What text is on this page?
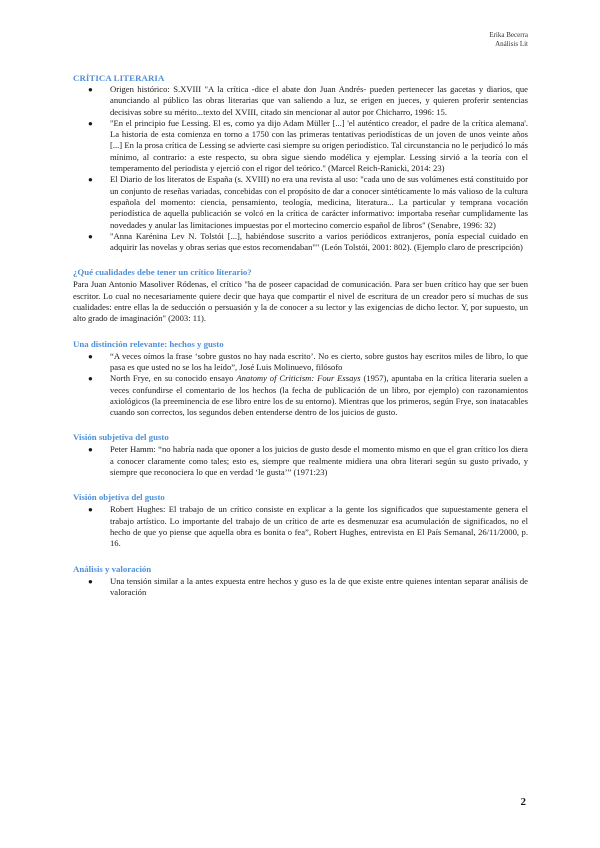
Erika Becerra
Análisis Lit
CRÍTICA LITERARIA
● Origen histórico: S.XVIII "A la crítica -dice el abate don Juan Andrés- pueden pertenecer las gacetas y diarios, que anunciando al público las obras literarias que van saliendo a luz, se erigen en jueces, y quieren proferir sentencias decisivas sobre su mérito...texto del XVIII, citado sin mencionar al autor por Chicharro, 1996: 15.
● "En el principio fue Lessing. El es, como ya dijo Adam Müller [...] 'el auténtico creador, el padre de la crítica alemana'. La historia de esta comienza en torno a 1750 con las primeras tentativas periodísticas de un joven de unos veinte años [...] En la prosa crítica de Lessing se advierte casi siempre su origen periodístico. Tal circunstancia no le perjudicó lo más mínimo, al contrario: a este respecto, su obra sigue siendo modélica y ejemplar. Lessing sirvió a la teoría con el temperamento del periodista y ejerció con el rigor del teórico." (Marcel Reich-Ranicki, 2014: 23)
● El Diario de los literatos de España (s. XVIII) no era una revista al uso: "cada uno de sus volúmenes está constituido por un conjunto de reseñas variadas, concebidas con el propósito de dar a conocer sintéticamente lo más valioso de la cultura española del momento: ciencia, pensamiento, teología, medicina, literatura... La particular y temprana vocación periodística de aquella publicación se volcó en la crítica de carácter informativo: importaba reseñar cumplidamente las novedades y anular las limitaciones impuestas por el mortecino comercio español de libros" (Senabre, 1996: 32)
● "Anna Karénina Lev N. Tolstói [...], habiéndose suscrito a varios periódicos extranjeros, ponía especial cuidado en adquirir las novelas y obras serias que estos recomendaban"" (León Tolstói, 2001: 802). (Ejemplo claro de prescripción)
¿Qué cualidades debe tener un crítico literario?

Para Juan Antonio Masoliver Ródenas, el crítico "ha de poseer capacidad de comunicación. Para ser buen crítico hay que ser buen escritor. Lo cual no necesariamente quiere decir que haya que compartir el nivel de escritura de un creador pero sí muchas de sus cualidades: entre ellas la de seducción o persuasión y la de conocer a su lector y las exigencias de dicho lector. Y, por supuesto, un alto grado de imaginación" (2003: 11).

Una distinción relevante: hechos y gusto
● “A veces oímos la frase ‘sobre gustos no hay nada escrito’. No es cierto, sobre gustos hay escritos miles de libro, lo que pasa es que usted no se los ha leído”, José Luis Molinuevo, filósofo
● North Frye, en su conocido ensayo Anatomy of Criticism: Four Essays (1957), apuntaba en la crítica literaria suelen a veces confundirse el comentario de los hechos (la fecha de publicación de un libro, por ejemplo) con razonamientos axiológicos (la preeminencia de ese libro entre los de su entorno). Mientras que los primeros, según Frye, son inatacables cuando son correctos, los segundos deben entenderse dentro de los juicios de gusto.
Visión subjetiva del gusto
● Peter Hamm: “no habría nada que oponer a los juicios de gusto desde el momento mismo en que el gran crítico los diera a conocer claramente como tales; esto es, siempre que realmente midiera una obra literari según su gusto privado, y siempre que reconociera lo que en verdad ‘le gusta’” (1971:23)
Visión objetiva del gusto
● Robert Hughes: El trabajo de un crítico consiste en explicar a la gente los significados que supuestamente genera el trabajo artístico. Lo importante del trabajo de un crítico de arte es desmenuzar esa acumulación de significados, no el hecho de que yo piense que aquella obra es bonita o fea”, Robert Hughes, entrevista en El País Semanal, 26/11/2000, p. 16.
Análisis y valoración
● Una tensión similar a la antes expuesta entre hechos y guso es la de que existe entre quienes intentan separar análisis de valoración
2
